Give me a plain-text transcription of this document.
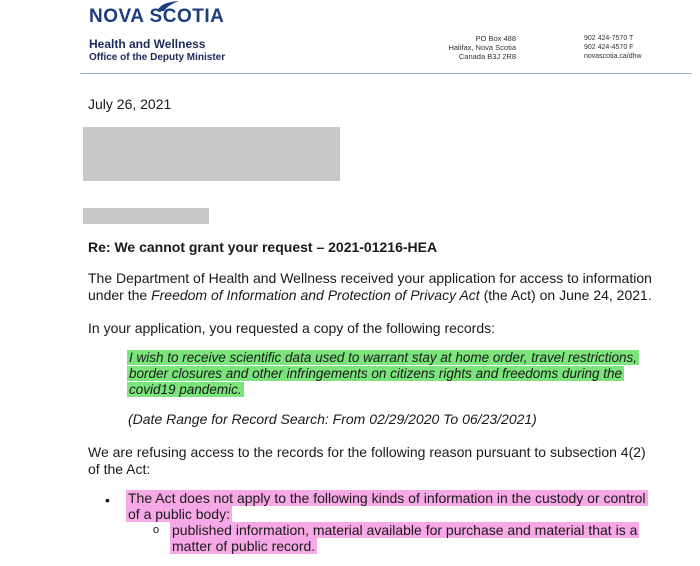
NOVA SCOTIA
Health and Wellness
Office of the Deputy Minister
PO Box 488
Halifax, Nova Scotia
Canada B3J 2R8
902 424-7570 T
902 424-4570 F
novascotia.ca/dhw
July 26, 2021
Re: We cannot grant your request – 2021-01216-HEA
The Department of Health and Wellness received your application for access to information under the Freedom of Information and Protection of Privacy Act (the Act) on June 24, 2021.
In your application, you requested a copy of the following records:
I wish to receive scientific data used to warrant stay at home order, travel restrictions, border closures and other infringements on citizens rights and freedoms during the covid19 pandemic.
(Date Range for Record Search: From 02/29/2020 To 06/23/2021)
We are refusing access to the records for the following reason pursuant to subsection 4(2) of the Act:
• The Act does not apply to the following kinds of information in the custody or control of a public body:
o published information, material available for purchase and material that is a matter of public record.
